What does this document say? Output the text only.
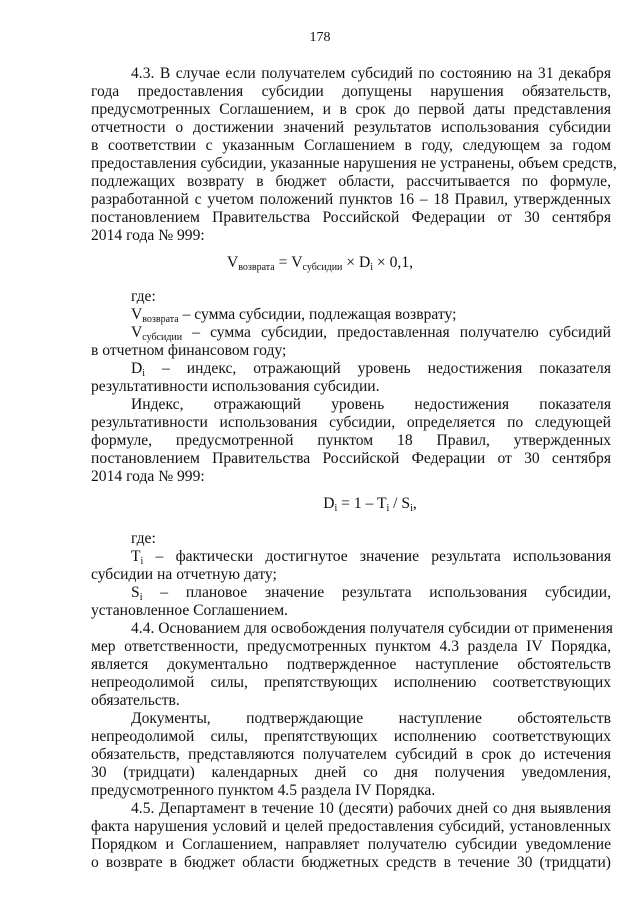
178
4.3. В случае если получателем субсидий по состоянию на 31 декабря
года предоставления субсидии допущены нарушения обязательств,
предусмотренных Соглашением, и в срок до первой даты представления
отчетности о достижении значений результатов использования субсидии
в соответствии с указанным Соглашением в году, следующем за годом
предоставления субсидии, указанные нарушения не устранены, объем средств,
подлежащих возврату в бюджет области, рассчитывается по формуле,
разработанной с учетом положений пунктов 16 – 18 Правил, утвержденных
постановлением Правительства Российской Федерации от 30 сентября
2014 года № 999:
где:
$V_{возврата}$ – сумма субсидии, подлежащая возврату;
$V_{субсидии}$ – сумма субсидии, предоставленная получателю субсидий
в отчетном финансовом году;
$D_i$ – индекс, отражающий уровень недостижения показателя
результативности использования субсидии.
Индекс, отражающий уровень недостижения показателя
результативности использования субсидии, определяется по следующей
формуле, предусмотренной пунктом 18 Правил, утвержденных
постановлением Правительства Российской Федерации от 30 сентября
2014 года № 999:
где:
$T_i$ – фактически достигнутое значение результата использования
субсидии на отчетную дату;
$S_i$ – плановое значение результата использования субсидии,
установленное Соглашением.
4.4. Основанием для освобождения получателя субсидии от применения
мер ответственности, предусмотренных пунктом 4.3 раздела IV Порядка,
является документально подтвержденное наступление обстоятельств
непреодолимой силы, препятствующих исполнению соответствующих
обязательств.
Документы, подтверждающие наступление обстоятельств
непреодолимой силы, препятствующих исполнению соответствующих
обязательств, представляются получателем субсидий в срок до истечения
30 (тридцати) календарных дней со дня получения уведомления,
предусмотренного пунктом 4.5 раздела IV Порядка.
4.5. Департамент в течение 10 (десяти) рабочих дней со дня выявления
факта нарушения условий и целей предоставления субсидий, установленных
Порядком и Соглашением, направляет получателю субсидии уведомление
о возврате в бюджет области бюджетных средств в течение 30 (тридцати)
$V_{возврата} = V_{субсидии} \times D_i \times 0,1$,
$D_i = 1 - T_i / S_i$,
